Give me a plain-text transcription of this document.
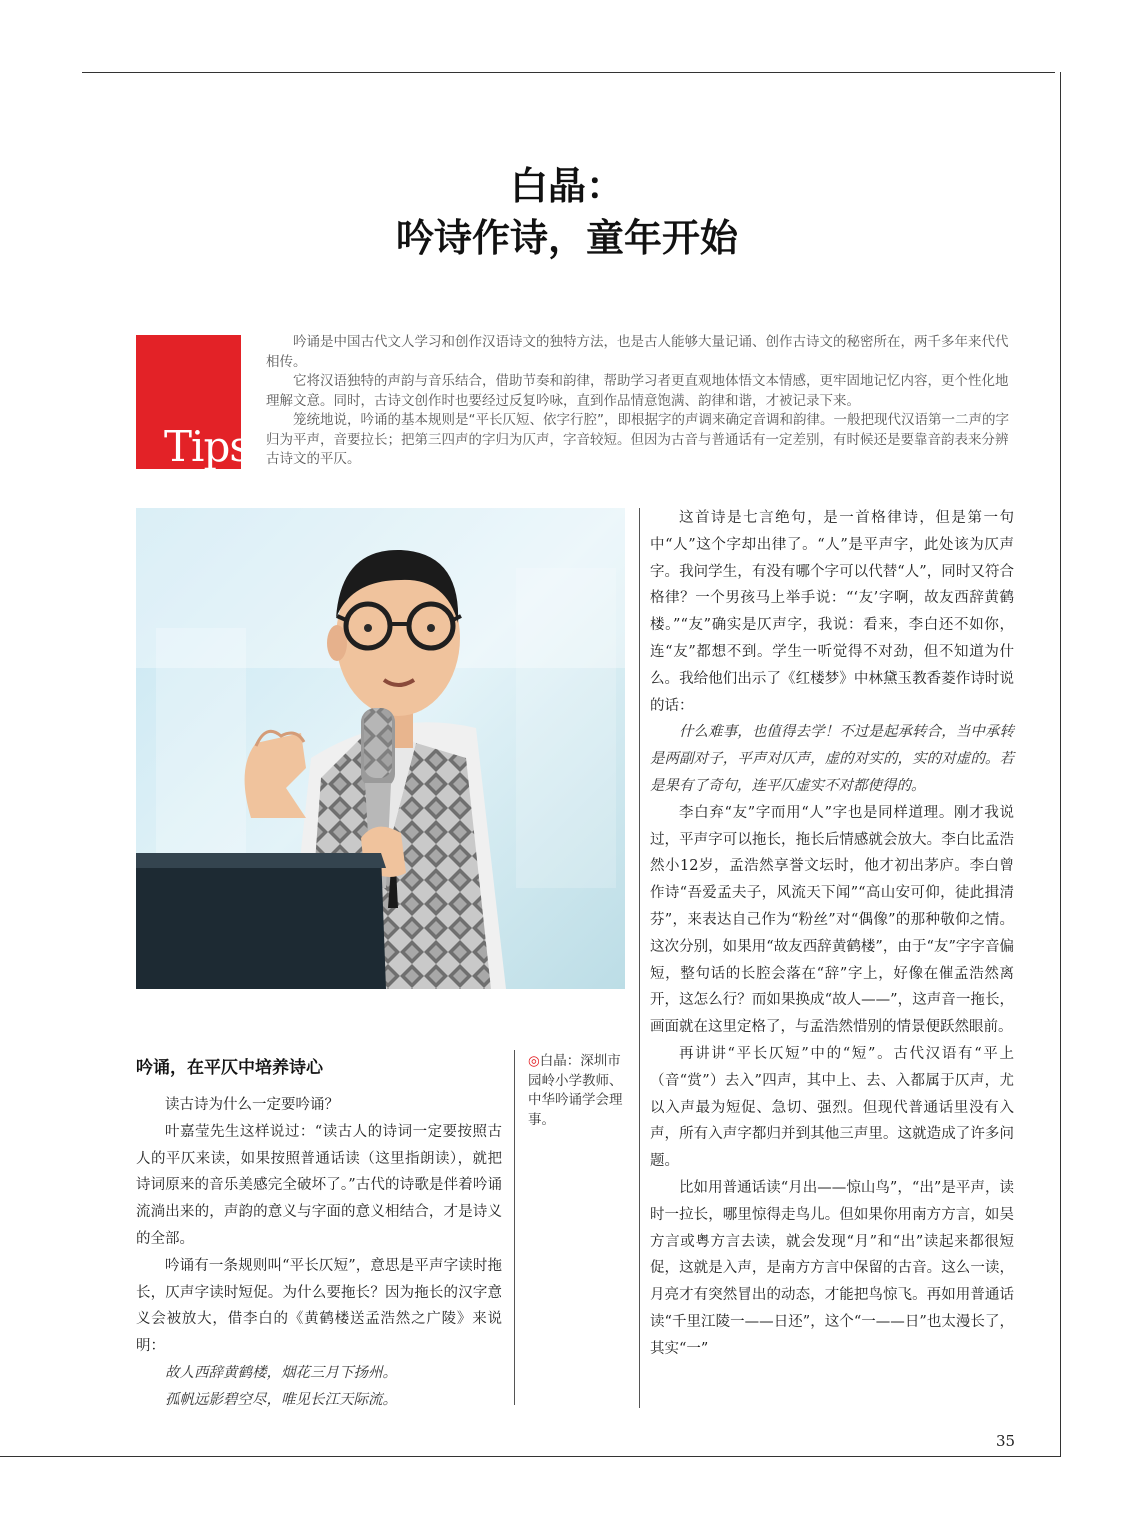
白晶：
吟诗作诗，童年开始
Tips

吟诵是中国古代文人学习和创作汉语诗文的独特方法，也是古人能够大量记诵、创作古诗文的秘密所在，两千多年来代代相传。

它将汉语独特的声韵与音乐结合，借助节奏和韵律，帮助学习者更直观地体悟文本情感，更牢固地记忆内容，更个性化地理解文意。同时，古诗文创作时也要经过反复吟咏，直到作品情意饱满、韵律和谐，才被记录下来。

笼统地说，吟诵的基本规则是“平长仄短、依字行腔”，即根据字的声调来确定音调和韵律。一般把现代汉语第一二声的字归为平声，音要拉长；把第三四声的字归为仄声，字音较短。但因为古音与普通话有一定差别，有时候还是要靠音韵表来分辨古诗文的平仄。

◎白晶：深圳市园岭小学教师、中华吟诵学会理事。
吟诵，在平仄中培养诗心

读古诗为什么一定要吟诵？

叶嘉莹先生这样说过：“读古人的诗词一定要按照古人的平仄来读，如果按照普通话读（这里指朗读），就把诗词原来的音乐美感完全破坏了。”古代的诗歌是伴着吟诵流淌出来的，声韵的意义与字面的意义相结合，才是诗义的全部。

吟诵有一条规则叫“平长仄短”，意思是平声字读时拖长，仄声字读时短促。为什么要拖长？因为拖长的汉字意义会被放大，借李白的《黄鹤楼送孟浩然之广陵》来说明：

故人西辞黄鹤楼，烟花三月下扬州。

孤帆远影碧空尽，唯见长江天际流。

这首诗是七言绝句，是一首格律诗，但是第一句中“人”这个字却出律了。“人”是平声字，此处该为仄声字。我问学生，有没有哪个字可以代替“人”，同时又符合格律？一个男孩马上举手说：“‘友’字啊，故友西辞黄鹤楼。”“友”确实是仄声字，我说：看来，李白还不如你，连“友”都想不到。学生一听觉得不对劲，但不知道为什么。我给他们出示了《红楼梦》中林黛玉教香菱作诗时说的话：

什么难事，也值得去学！不过是起承转合，当中承转是两副对子，平声对仄声，虚的对实的，实的对虚的。若是果有了奇句，连平仄虚实不对都使得的。

李白弃“友”字而用“人”字也是同样道理。刚才我说过，平声字可以拖长，拖长后情感就会放大。李白比孟浩然小12岁，孟浩然享誉文坛时，他才初出茅庐。李白曾作诗“吾爱孟夫子，风流天下闻”“高山安可仰，徒此揖清芬”，来表达自己作为“粉丝”对“偶像”的那种敬仰之情。这次分别，如果用“故友西辞黄鹤楼”，由于“友”字字音偏短，整句话的长腔会落在“辞”字上，好像在催孟浩然离开，这怎么行？而如果换成“故人——”，这声音一拖长，画面就在这里定格了，与孟浩然惜别的情景便跃然眼前。

再讲讲“平长仄短”中的“短”。古代汉语有“平上（音“赏”）去入”四声，其中上、去、入都属于仄声，尤以入声最为短促、急切、强烈。但现代普通话里没有入声，所有入声字都归并到其他三声里。这就造成了许多问题。

比如用普通话读“月出——惊山鸟”，“出”是平声，读时一拉长，哪里惊得走鸟儿。但如果你用南方方言，如吴方言或粤方言去读，就会发现“月”和“出”读起来都很短促，这就是入声，是南方方言中保留的古音。这么一读，月亮才有突然冒出的动态，才能把鸟惊飞。再如用普通话读“千里江陵一——日还”，这个“一——日”也太漫长了，其实“一”

35
